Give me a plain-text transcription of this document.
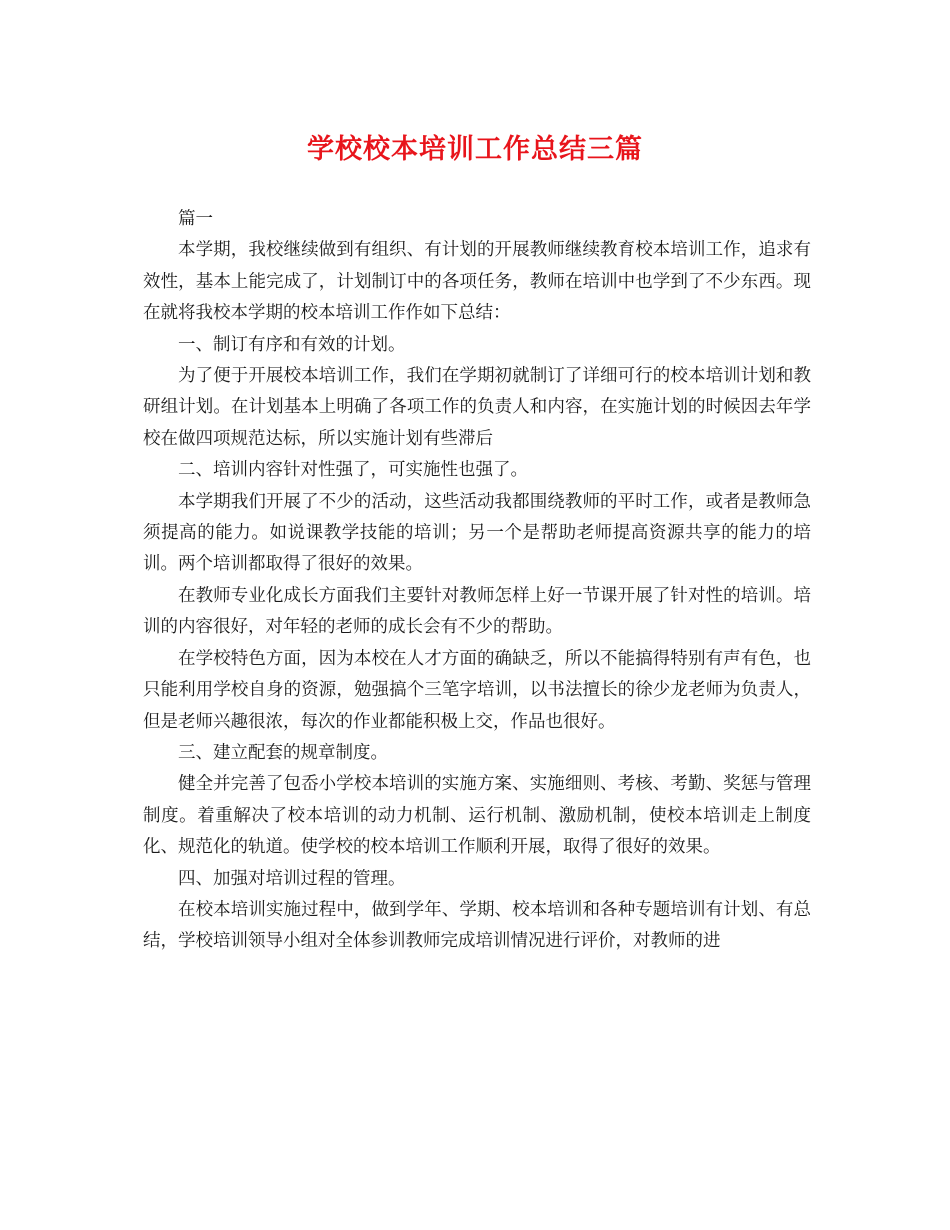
学校校本培训工作总结三篇

篇一

本学期，我校继续做到有组织、有计划的开展教师继续教育校本培训工作，追求有效性，基本上能完成了，计划制订中的各项任务，教师在培训中也学到了不少东西。现在就将我校本学期的校本培训工作作如下总结：

一、制订有序和有效的计划。

为了便于开展校本培训工作，我们在学期初就制订了详细可行的校本培训计划和教研组计划。在计划基本上明确了各项工作的负责人和内容，在实施计划的时候因去年学校在做四项规范达标，所以实施计划有些滞后

二、培训内容针对性强了，可实施性也强了。

本学期我们开展了不少的活动，这些活动我都围绕教师的平时工作，或者是教师急须提高的能力。如说课教学技能的培训；另一个是帮助老师提高资源共享的能力的培训。两个培训都取得了很好的效果。

在教师专业化成长方面我们主要针对教师怎样上好一节课开展了针对性的培训。培训的内容很好，对年轻的老师的成长会有不少的帮助。

在学校特色方面，因为本校在人才方面的确缺乏，所以不能搞得特别有声有色，也只能利用学校自身的资源，勉强搞个三笔字培训，以书法擅长的徐少龙老师为负责人，但是老师兴趣很浓，每次的作业都能积极上交，作品也很好。

三、建立配套的规章制度。

健全并完善了包岙小学校本培训的实施方案、实施细则、考核、考勤、奖惩与管理制度。着重解决了校本培训的动力机制、运行机制、激励机制，使校本培训走上制度化、规范化的轨道。使学校的校本培训工作顺利开展，取得了很好的效果。

四、加强对培训过程的管理。

在校本培训实施过程中，做到学年、学期、校本培训和各种专题培训有计划、有总结，学校培训领导小组对全体参训教师完成培训情况进行评价，对教师的进
